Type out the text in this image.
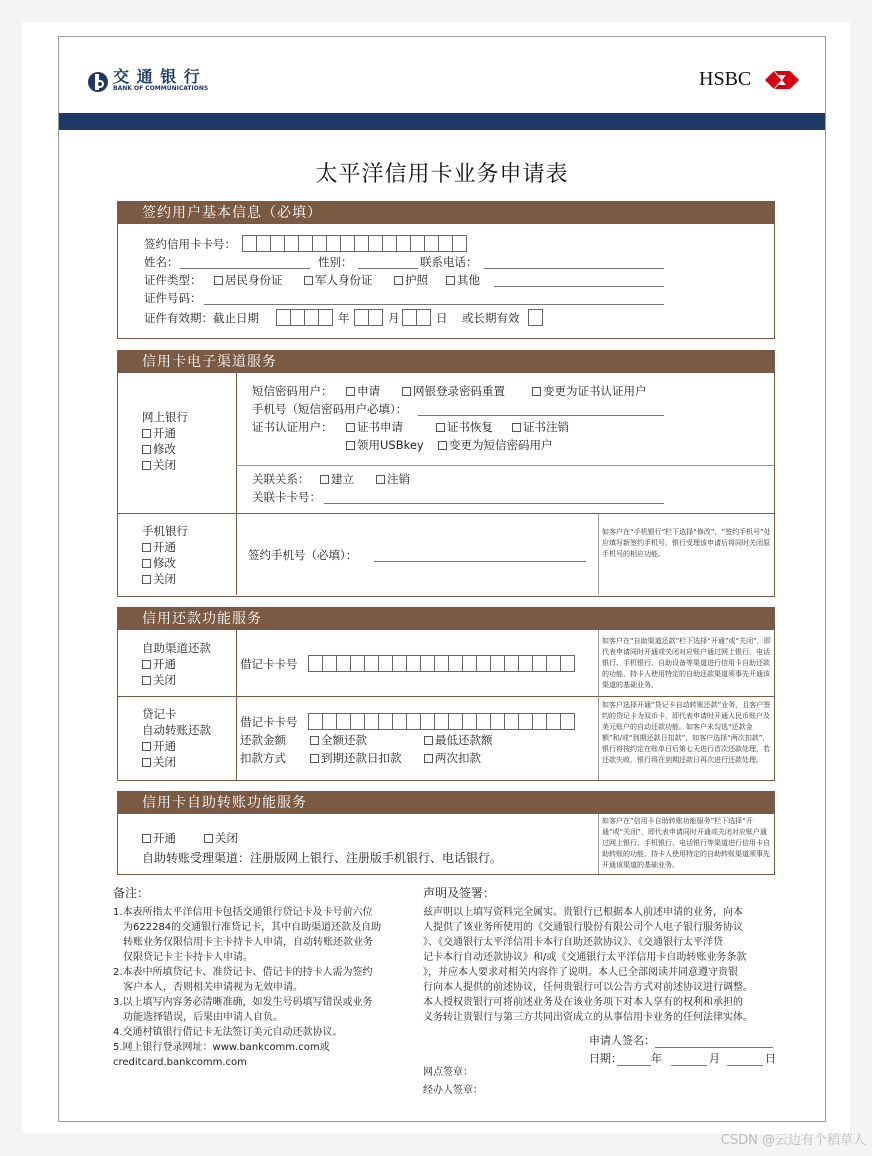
交 通 银 行
BANK OF COMMUNICATIONS	HSBC
太平洋信用卡业务申请表
签约用户基本信息（必填）
签约信用卡卡号：
姓名：	性别：	联系电话：
证件类型：	居民身份证	军人身份证	护照	其他
证件号码：
证件有效期：截止日期	年	月	日 或长期有效
信用卡电子渠道服务
网上银行
开通
修改
关闭
短信密码用户：	申请	网银登录密码重置	变更为证书认证用户
手机号（短信密码用户必填）：
证书认证用户：	证书申请	证书恢复	证书注销
领用USBkey	变更为短信密码用户
关联关系：	建立	注销
关联卡卡号：
手机银行
开通
修改
关闭
签约手机号（必填）：
如客户在“手机银行”栏下选择“修改”，“签约手机号”处应填写新签约手机号，银行受理该申请后将同时关闭原手机号的相应功能。
信用还款功能服务
自助渠道还款
开通
关闭
借记卡卡号
如客户在“自助渠道还款”栏下选择“开通”或“关闭”，即代表申请同时开通或关闭对应账户通过网上银行、电话银行、手机银行、自助设备等渠道进行信用卡自助还款的功能，持卡人使用特定的自助还款渠道须事先开通该渠道的基础业务。
贷记卡
自动转账还款
开通
关闭
借记卡卡号
还款金额	全额还款	最低还款额
扣款方式	到期还款日扣款	两次扣款
如客户选择开通“贷记卡自动转账还款”业务，且客户签约的贷记卡为双币卡，即代表申请时开通人民币账户及美元账户的自动还款功能。如客户未勾选“还款金额”和/或“到期还款日扣款”，如客户选择“两次扣款”，银行将按约定在账单日后第七天进行首次还款处理，若还款失败，银行将在到期还款日再次进行还款处理。
信用卡自助转账功能服务
开通	关闭
自助转账受理渠道：注册版网上银行、注册版手机银行、电话银行。
如客户在“信用卡自助转账功能服务”栏下选择“开通”或“关闭”，即代表申请同时开通或关闭对应账户通过网上银行、手机银行、电话银行等渠道进行信用卡自助转账的功能，持卡人使用特定的自助转账渠道须事先开通该渠道的基础业务。
备注：
1.本表所指太平洋信用卡包括交通银行贷记卡及卡号前六位
为622284的交通银行准贷记卡，其中自助渠道还款及自助
转账业务仅限信用卡主卡持卡人申请，自动转账还款业务
仅限贷记卡主卡持卡人申请。
2.本表中所填贷记卡、准贷记卡、借记卡的持卡人需为签约
客户本人，否则相关申请视为无效申请。
3.以上填写内容务必清晰准确，如发生号码填写错误或业务
功能选择错误，后果由申请人自负。
4.交通村镇银行借记卡无法签订美元自动还款协议。
5.网上银行登录网址：www.bankcomm.com或
creditcard.bankcomm.com
声明及签署：
兹声明以上填写资料完全属实。贵银行已根据本人前述申请的业务，向本
人提供了该业务所使用的《交通银行股份有限公司个人电子银行服务协议
》、《交通银行太平洋信用卡本行自助还款协议》、《交通银行太平洋贷
记卡本行自动还款协议》和/或《交通银行太平洋信用卡自助转账业务条款
》，并应本人要求对相关内容作了说明。本人已全部阅读并同意遵守贵银
行向本人提供的前述协议，任何贵银行可以公告方式对前述协议进行调整。
本人授权贵银行可将前述业务及在该业务项下对本人享有的权利和承担的
义务转让贵银行与第三方共同出资成立的从事信用卡业务的任何法律实体。
申请人签名：
日期：	年	月	日
网点签章：
经办人签章：
CSDN @云边有个稻草人
